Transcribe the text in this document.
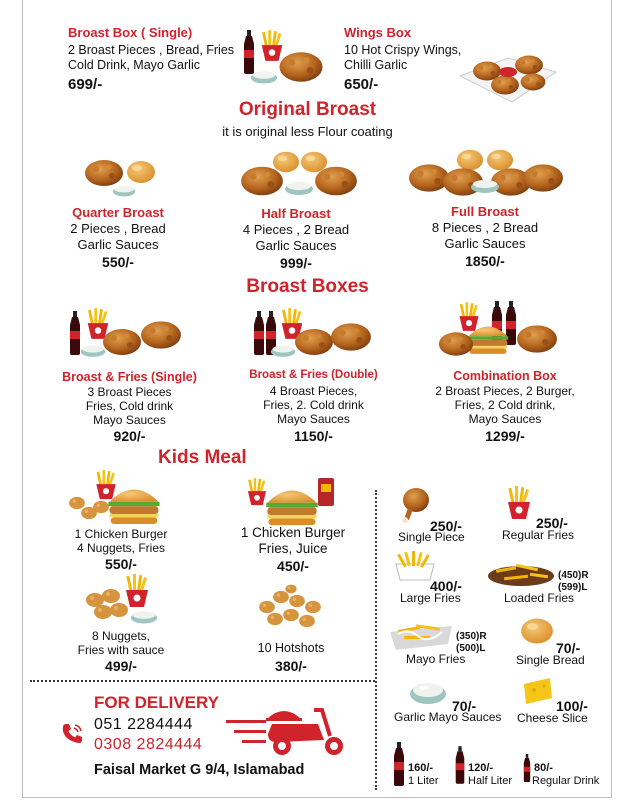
Broast Box ( Single)
2 Broast Pieces , Bread, Fries
Cold Drink, Mayo Garlic
699/-
Wings Box
10 Hot Crispy Wings,
Chilli Garlic
650/-
Original Broast
it is original less Flour coating
Quarter Broast
2 Pieces , Bread
Garlic Sauces
550/-
Half Broast
4 Pieces , 2 Bread
Garlic Sauces
999/-
Full Broast
8 Pieces , 2 Bread
Garlic Sauces
1850/-
Broast Boxes
Broast & Fries (Single)
3 Broast Pieces
Fries, Cold drink
Mayo Sauces
920/-
Broast & Fries (Double)
4 Broast Pieces,
Fries, 2. Cold drink
Mayo Sauces
1150/-
Combination Box
2 Broast Pieces, 2 Burger,
Fries, 2 Cold drink,
Mayo Sauces
1299/-
Kids Meal
1 Chicken Burger
4 Nuggets, Fries
550/-
1 Chicken Burger
Fries, Juice
450/-
8 Nuggets,
Fries with sauce
499/-
10 Hotshots
380/-
250/-
Single Piece
250/-
Regular Fries
400/-
Large Fries
(450)R
(599)L
Loaded Fries
(350)R
(500)L
Mayo Fries
70/-
Single Bread
70/-
Garlic Mayo Sauces
100/-
Cheese Slice
160/-
1 Liter
120/-
Half Liter
80/-
Regular Drink
FOR DELIVERY
051 2284444
0308 2824444
Faisal Market G 9/4, Islamabad
